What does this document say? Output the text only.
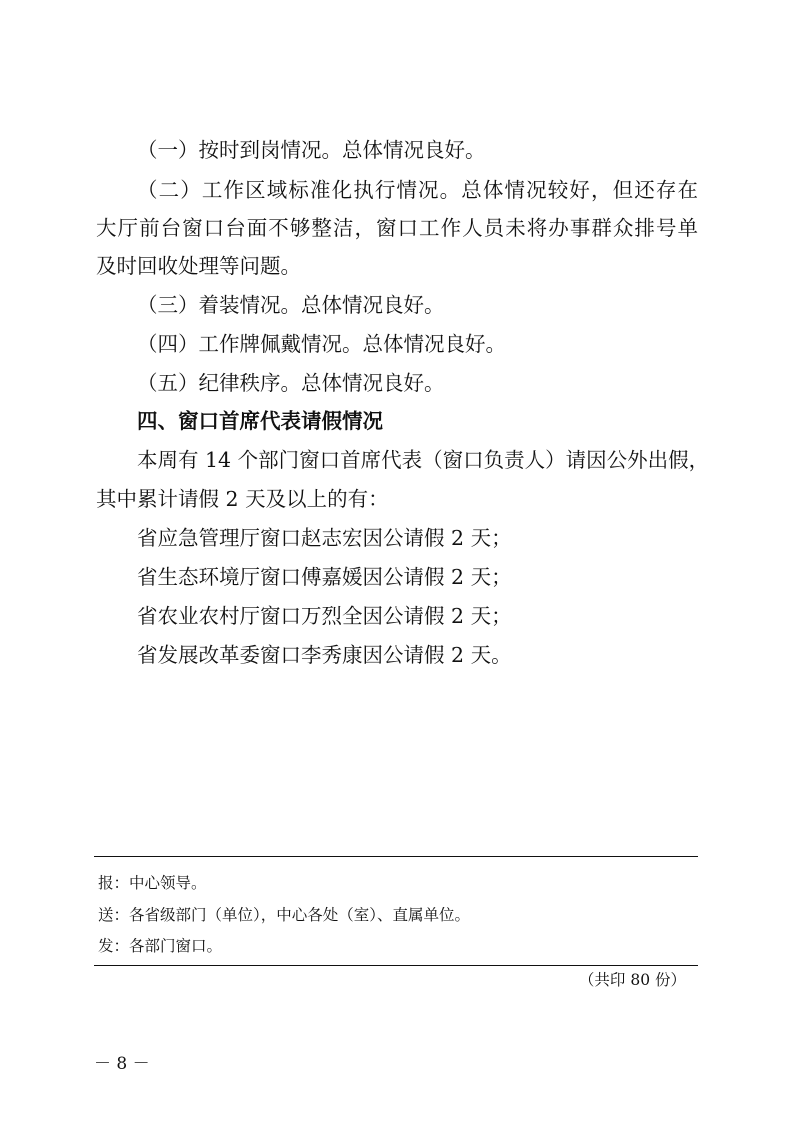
（一）按时到岗情况。总体情况良好。
（二）工作区域标准化执行情况。总体情况较好，但还存在
大厅前台窗口台面不够整洁，窗口工作人员未将办事群众排号单
及时回收处理等问题。
（三）着装情况。总体情况良好。
（四）工作牌佩戴情况。总体情况良好。
（五）纪律秩序。总体情况良好。
四、窗口首席代表请假情况
本周有 14 个部门窗口首席代表（窗口负责人）请因公外出假，
其中累计请假 2 天及以上的有：
省应急管理厅窗口赵志宏因公请假 2 天；
省生态环境厅窗口傅嘉媛因公请假 2 天；
省农业农村厅窗口万烈全因公请假 2 天；
省发展改革委窗口李秀康因公请假 2 天。
报：中心领导。
送：各省级部门（单位），中心各处（室）、直属单位。
发：各部门窗口。
（共印 80 份）
－ 8 －
